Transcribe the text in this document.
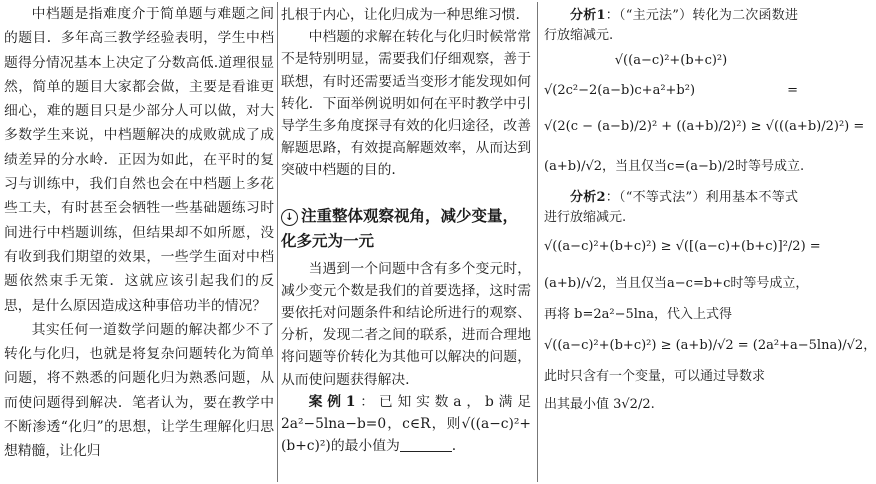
中档题是指难度介于简单题与难题之间的题目．多年高三教学经验表明，学生中档题得分情况基本上决定了分数高低.道理很显然，简单的题目大家都会做，主要是看谁更细心，难的题目只是少部分人可以做，对大多数学生来说，中档题解决的成败就成了成绩差异的分水岭．正因为如此，在平时的复习与训练中，我们自然也会在中档题上多花些工夫，有时甚至会牺牲一些基础题练习时间进行中档题训练，但结果却不如所愿，没有收到我们期望的效果，一些学生面对中档题依然束手无策．这就应该引起我们的反思，是什么原因造成这种事倍功半的情况？

其实任何一道数学问题的解决都少不了转化与化归，也就是将复杂问题转化为简单问题，将不熟悉的问题化归为熟悉问题，从而使问题得到解决．笔者认为，要在教学中不断渗透“化归”的思想，让学生理解化归思想精髓，让化归

扎根于内心，让化归成为一种思维习惯.

中档题的求解在转化与化归时候常常不是特别明显，需要我们仔细观察，善于联想，有时还需要适当变形才能发现如何转化．下面举例说明如何在平时教学中引导学生多角度探寻有效的化归途径，改善解题思路，有效提高解题效率，从而达到突破中档题的目的.

↓ 注重整体观察视角，减少变量，化多元为一元

当遇到一个问题中含有多个变元时，减少变元个数是我们的首要选择，这时需要依托对问题条件和结论所进行的观察、分析，发现二者之间的联系，进而合理地将问题等价转化为其他可以解决的问题，从而使问题获得解决.

案例1：已知实数a，b满足2a²−5lna−b=0，c∈R，则√((a−c)²+(b+c)²)的最小值为	.

分析1：（“主元法”）转化为二次函数进行放缩减元.

√((a−c)²+(b+c)²)
√(2c²−2(a−b)c+a²+b²)	=
√(2(c − (a−b)/2)² + ((a+b)/2)²) ≥ √(((a+b)/2)²) =
(a+b)/√2，当且仅当c=(a−b)/2时等号成立.

分析2：（“不等式法”）利用基本不等式进行放缩减元.

√((a−c)²+(b+c)²) ≥ √([(a−c)+(b+c)]²/2) =
(a+b)/√2，当且仅当a−c=b+c时等号成立，
再将 b=2a²−5lna，代入上式得
√((a−c)²+(b+c)²) ≥ (a+b)/√2 = (2a²+a−5lna)/√2，
此时只含有一个变量，可以通过导数求
出其最小值 3√2/2.
